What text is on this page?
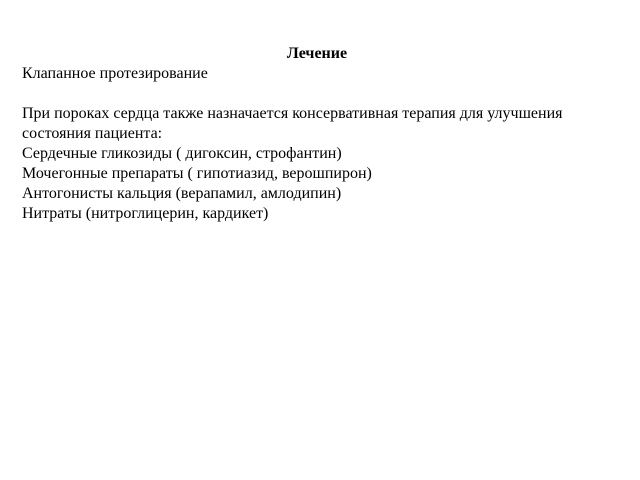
Лечение

Клапанное протезирование

При пороках сердца также назначается консервативная терапия для улучшения состояния пациента:

Сердечные гликозиды ( дигоксин, строфантин)

Мочегонные препараты ( гипотиазид, верошпирон)

Антогонисты кальция (верапамил, амлодипин)

Нитраты (нитроглицерин, кардикет)
